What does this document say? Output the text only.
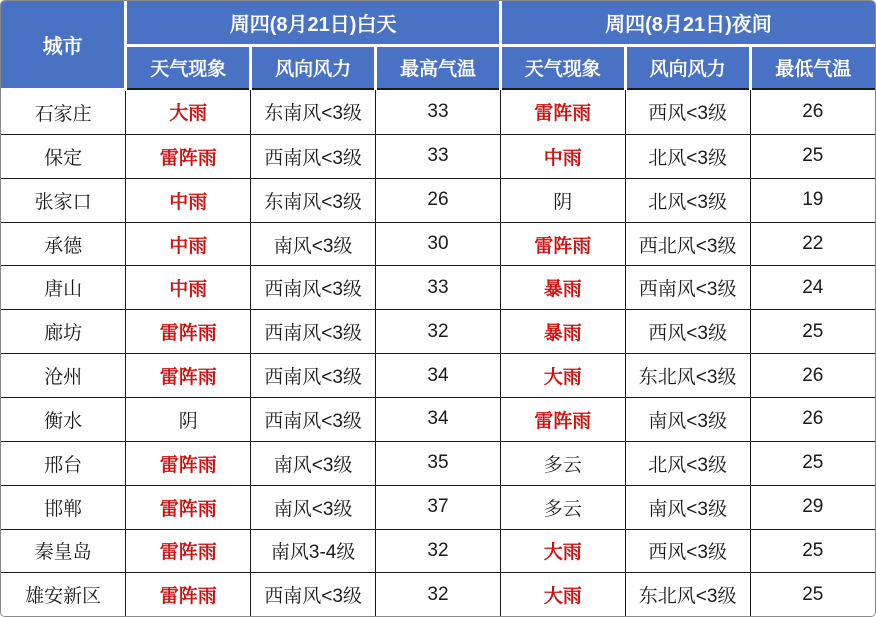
城市	周四(8月21日)白天			周四(8月21日)夜间		
	天气现象	风向风力	最高气温	天气现象	风向风力	最低气温
石家庄	大雨	东南风<3级	33	雷阵雨	西风<3级	26
保定	雷阵雨	西南风<3级	33	中雨	北风<3级	25
张家口	中雨	东南风<3级	26	阴	北风<3级	19
承德	中雨	南风<3级	30	雷阵雨	西北风<3级	22
唐山	中雨	西南风<3级	33	暴雨	西南风<3级	24
廊坊	雷阵雨	西南风<3级	32	暴雨	西风<3级	25
沧州	雷阵雨	西南风<3级	34	大雨	东北风<3级	26
衡水	阴	西南风<3级	34	雷阵雨	南风<3级	26
邢台	雷阵雨	南风<3级	35	多云	北风<3级	25
邯郸	雷阵雨	南风<3级	37	多云	南风<3级	29
秦皇岛	雷阵雨	南风3-4级	32	大雨	西风<3级	25
雄安新区	雷阵雨	西南风<3级	32	大雨	东北风<3级	25
